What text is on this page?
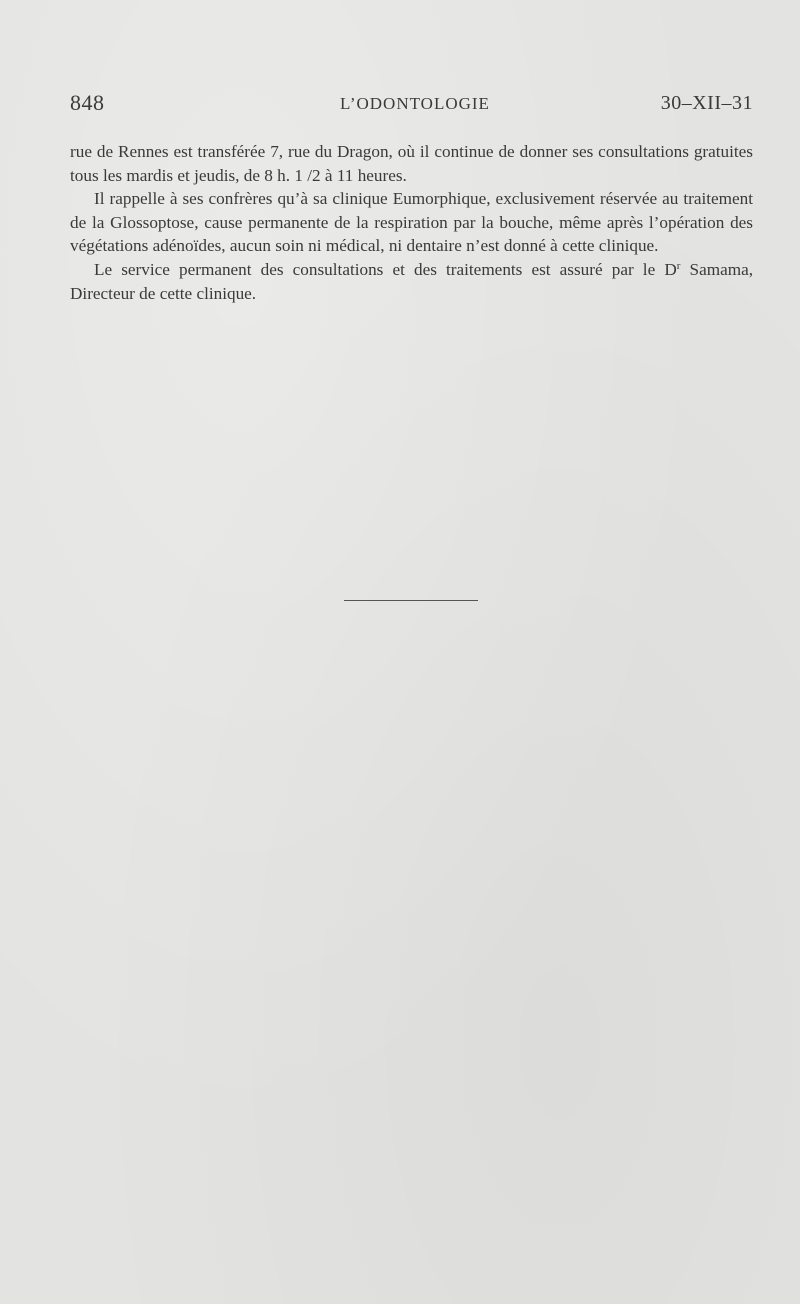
848	L’ODONTOLOGIE	30–XII–31

rue de Rennes est transférée 7, rue du Dragon, où il continue de donner ses consultations gratuites tous les mardis et jeudis, de 8 h. 1 /2 à 11 heures.

Il rappelle à ses confrères qu’à sa clinique Eumorphique, exclusivement réservée au traitement de la Glossoptose, cause permanente de la respiration par la bouche, même après l’opération des végétations adénoïdes, aucun soin ni médical, ni dentaire n’est donné à cette clinique.

Le service permanent des consultations et des traitements est assuré par le $D^r$ Samama, Directeur de cette clinique.
